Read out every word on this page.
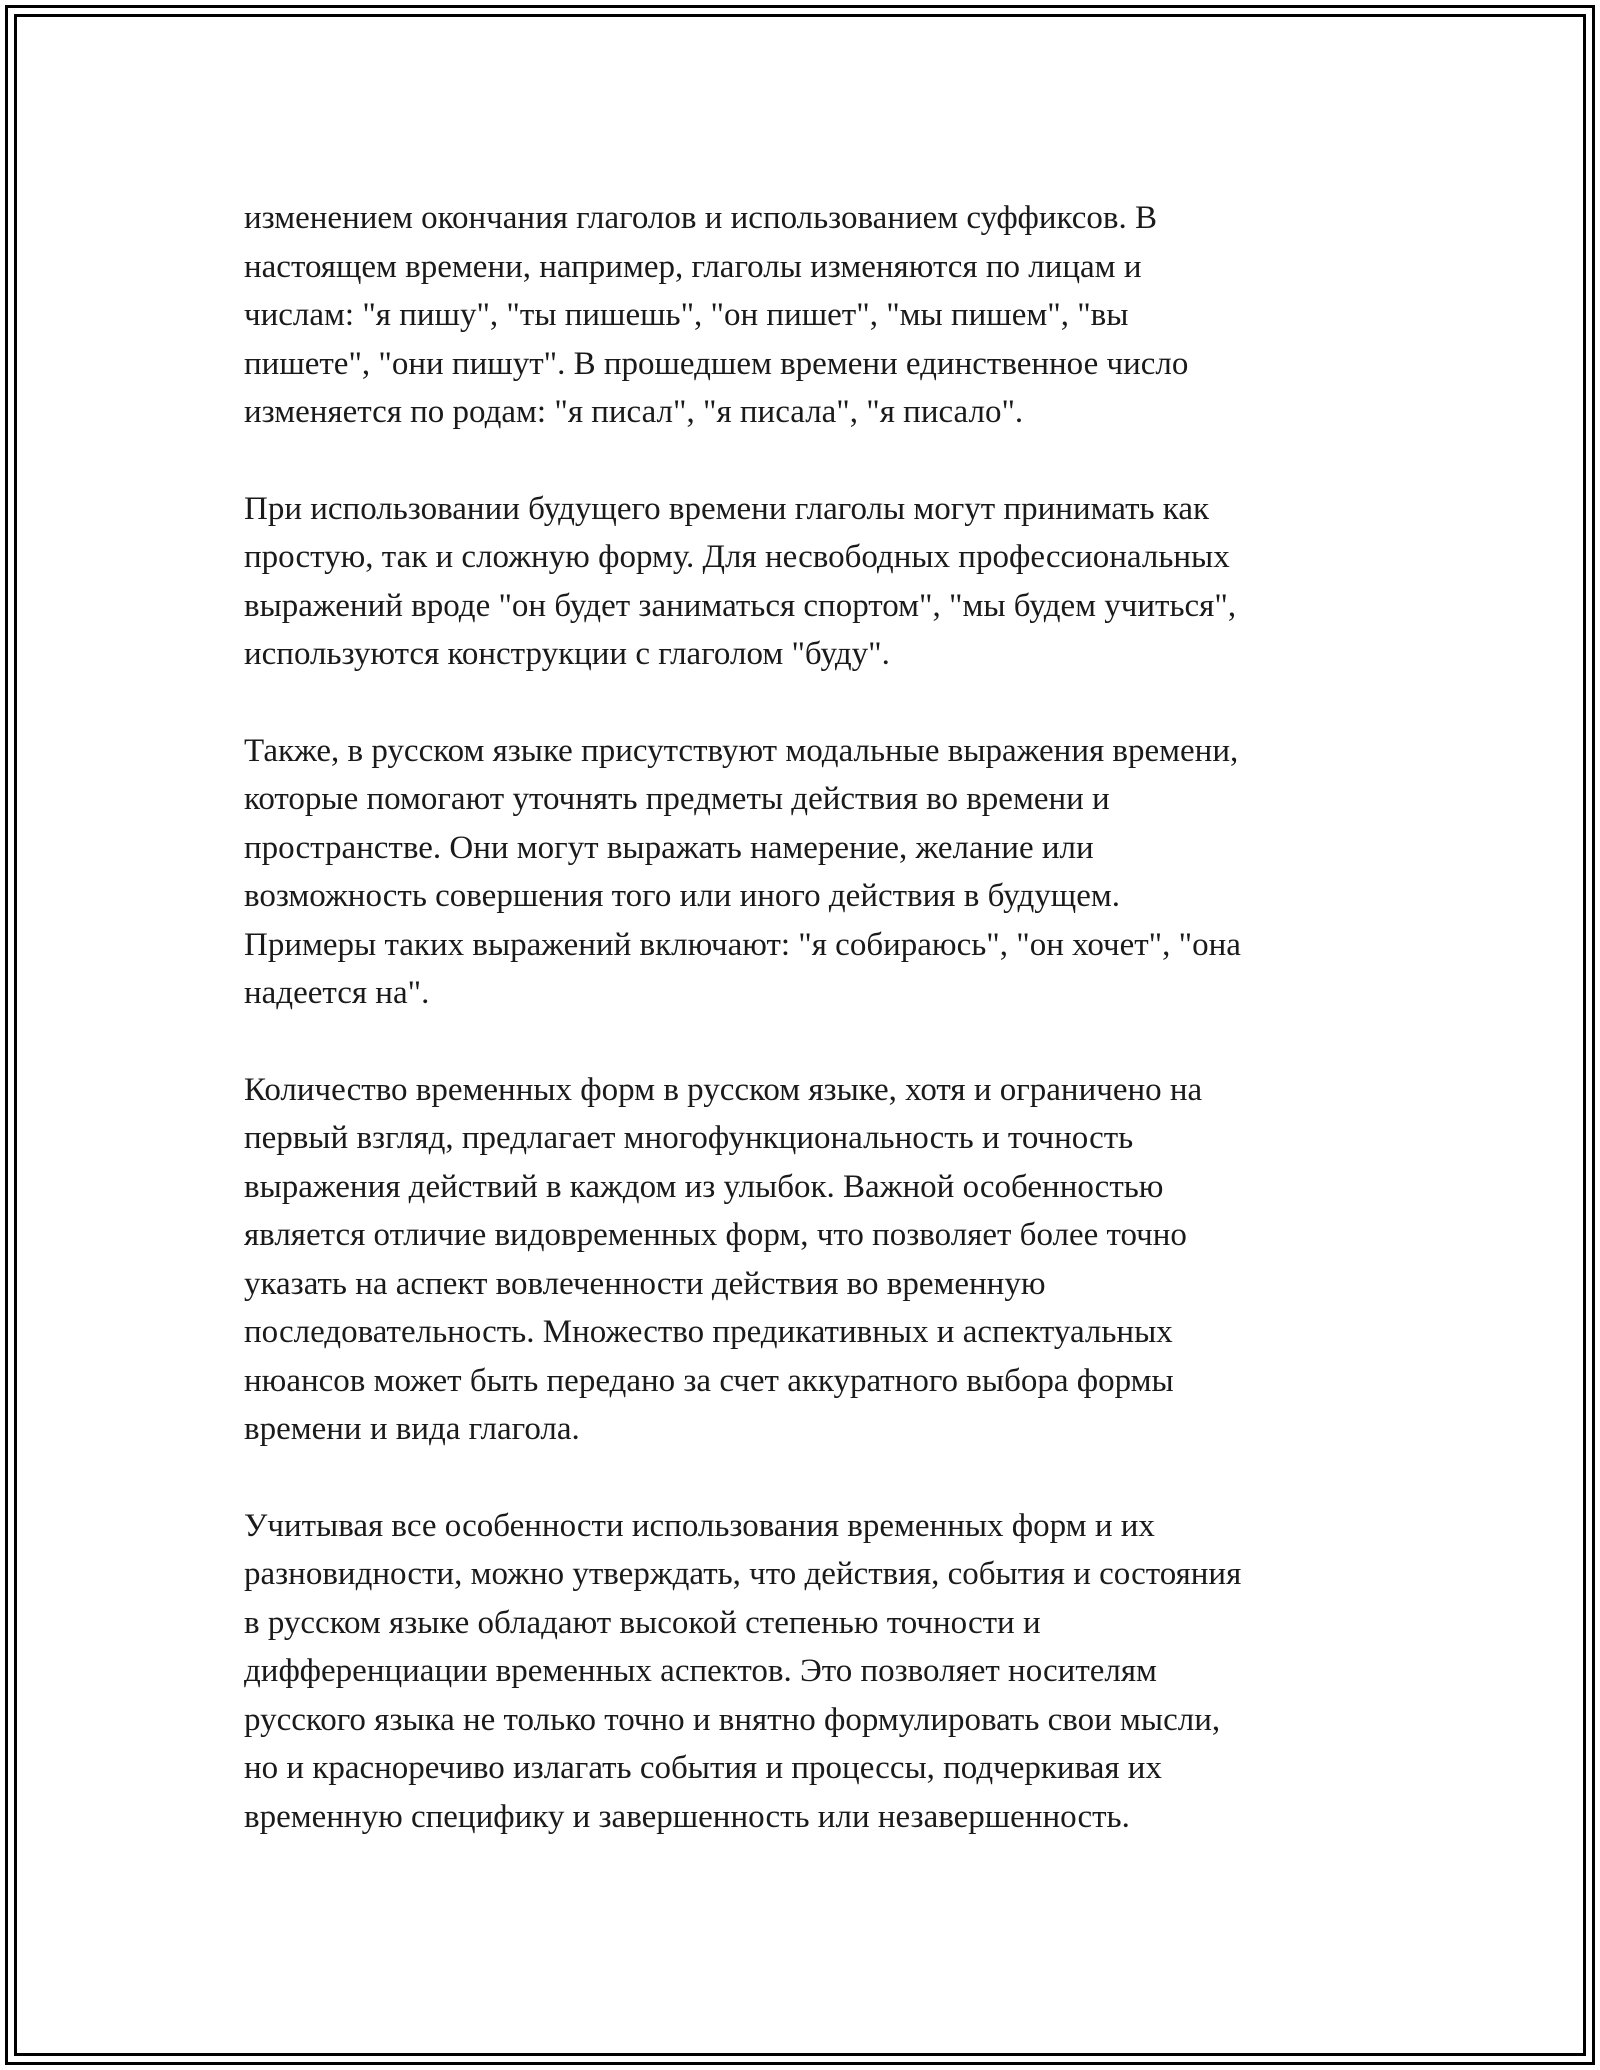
изменением окончания глаголов и использованием суффиксов. В
настоящем времени, например, глаголы изменяются по лицам и
числам: "я пишу", "ты пишешь", "он пишет", "мы пишем", "вы
пишете", "они пишут". В прошедшем времени единственное число
изменяется по родам: "я писал", "я писала", "я писало".

При использовании будущего времени глаголы могут принимать как
простую, так и сложную форму. Для несвободных профессиональных
выражений вроде "он будет заниматься спортом", "мы будем учиться",
используются конструкции с глаголом "буду".

Также, в русском языке присутствуют модальные выражения времени,
которые помогают уточнять предметы действия во времени и
пространстве. Они могут выражать намерение, желание или
возможность совершения того или иного действия в будущем.
Примеры таких выражений включают: "я собираюсь", "он хочет", "она
надеется на".

Количество временных форм в русском языке, хотя и ограничено на
первый взгляд, предлагает многофункциональность и точность
выражения действий в каждом из улыбок. Важной особенностью
является отличие видовременных форм, что позволяет более точно
указать на аспект вовлеченности действия во временную
последовательность. Множество предикативных и аспектуальных
нюансов может быть передано за счет аккуратного выбора формы
времени и вида глагола.

Учитывая все особенности использования временных форм и их
разновидности, можно утверждать, что действия, события и состояния
в русском языке обладают высокой степенью точности и
дифференциации временных аспектов. Это позволяет носителям
русского языка не только точно и внятно формулировать свои мысли,
но и красноречиво излагать события и процессы, подчеркивая их
временную специфику и завершенность или незавершенность.
